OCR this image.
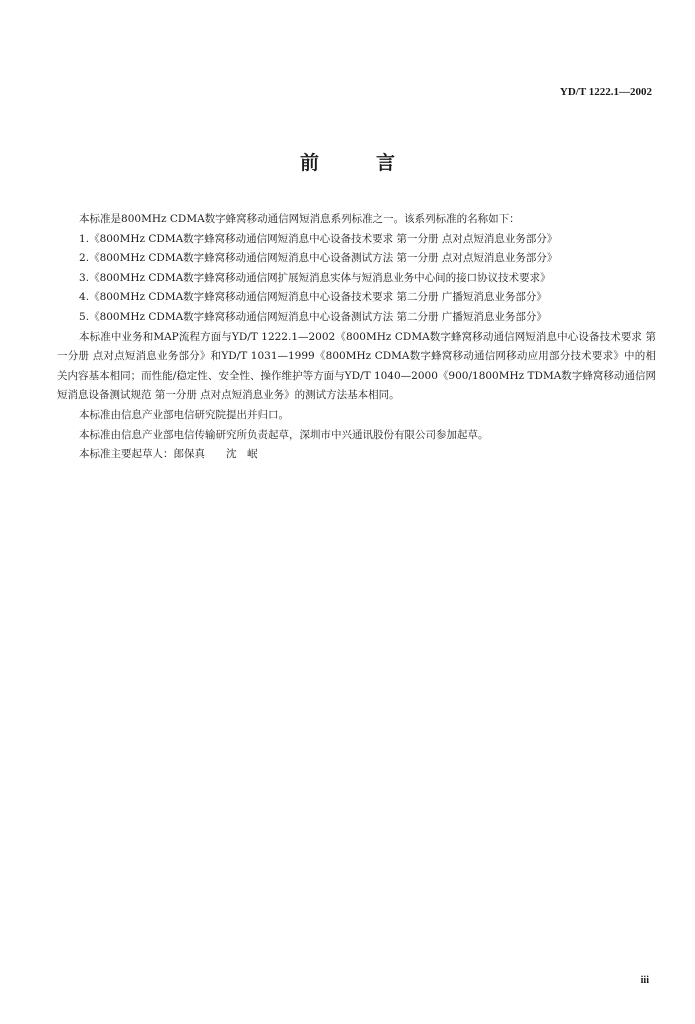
YD/T 1222.1—2002
前　　　言

本标准是800MHz CDMA数字蜂窝移动通信网短消息系列标准之一。该系列标准的名称如下：

1.《800MHz CDMA数字蜂窝移动通信网短消息中心设备技术要求 第一分册 点对点短消息业务部分》

2.《800MHz CDMA数字蜂窝移动通信网短消息中心设备测试方法 第一分册 点对点短消息业务部分》

3.《800MHz CDMA数字蜂窝移动通信网扩展短消息实体与短消息业务中心间的接口协议技术要求》

4.《800MHz CDMA数字蜂窝移动通信网短消息中心设备技术要求 第二分册 广播短消息业务部分》

5.《800MHz CDMA数字蜂窝移动通信网短消息中心设备测试方法 第二分册 广播短消息业务部分》

本标准中业务和MAP流程方面与YD/T 1222.1—2002《800MHz CDMA数字蜂窝移动通信网短消息中心设备技术要求 第一分册 点对点短消息业务部分》和YD/T 1031—1999《800MHz CDMA数字蜂窝移动通信网移动应用部分技术要求》中的相关内容基本相同；而性能/稳定性、安全性、操作维护等方面与YD/T 1040—2000《900/1800MHz TDMA数字蜂窝移动通信网短消息设备测试规范 第一分册 点对点短消息业务》的测试方法基本相同。

本标准由信息产业部电信研究院提出并归口。

本标准由信息产业部电信传输研究所负责起草，深圳市中兴通讯股份有限公司参加起草。

本标准主要起草人：郎保真　　沈　岷

iii
